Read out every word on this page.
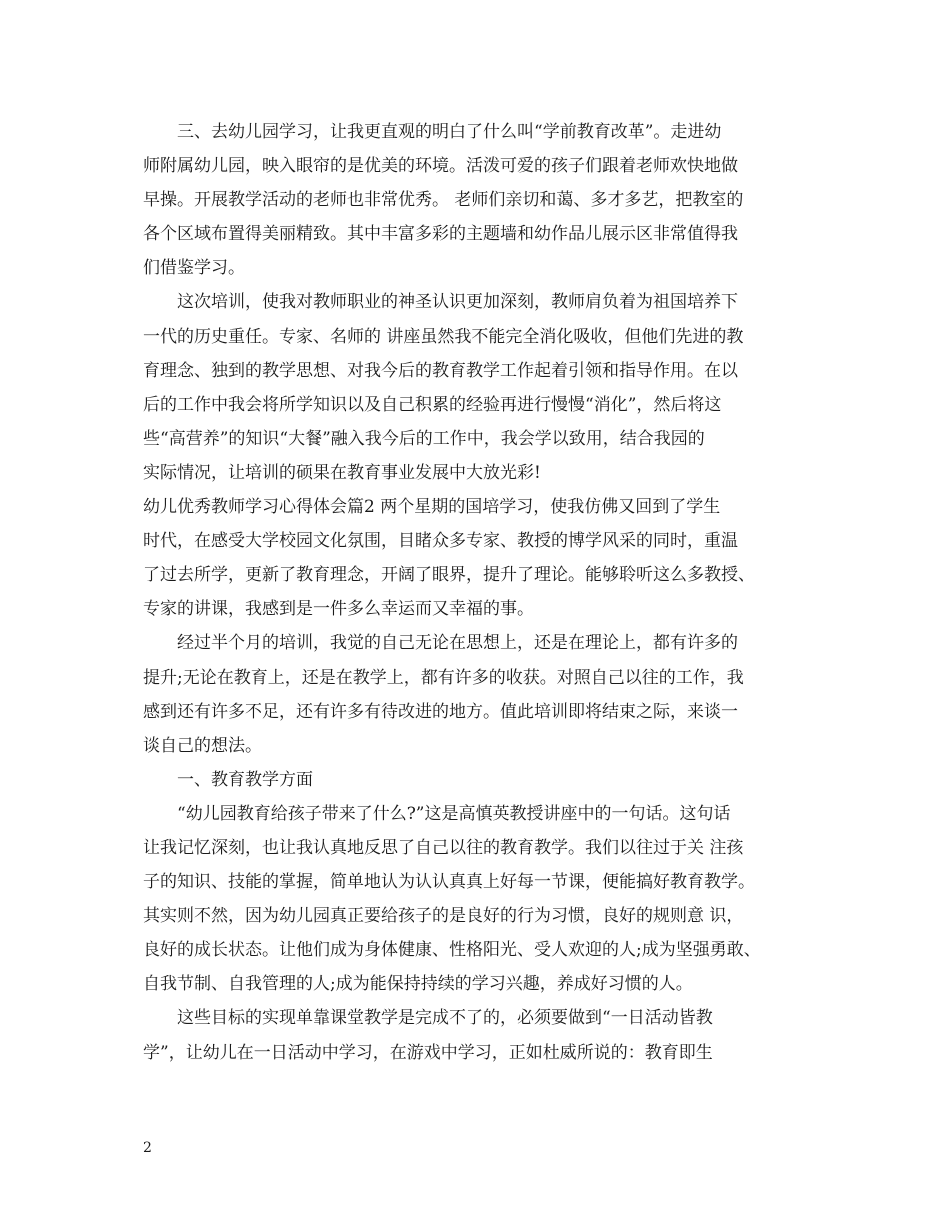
三、去幼儿园学习，让我更直观的明白了什么叫“学前教育改革”。走进幼
师附属幼儿园，映入眼帘的是优美的环境。活泼可爱的孩子们跟着老师欢快地做
早操。开展教学活动的老师也非常优秀。 老师们亲切和蔼、多才多艺，把教室的
各个区域布置得美丽精致。其中丰富多彩的主题墙和幼作品儿展示区非常值得我
们借鉴学习。
这次培训，使我对教师职业的神圣认识更加深刻，教师肩负着为祖国培养下
一代的历史重任。专家、名师的 讲座虽然我不能完全消化吸收，但他们先进的教
育理念、独到的教学思想、对我今后的教育教学工作起着引领和指导作用。在以
后的工作中我会将所学知识以及自己积累的经验再进行慢慢“消化”，然后将这
些“高营养”的知识“大餐”融入我今后的工作中，我会学以致用，结合我园的
实际情况，让培训的硕果在教育事业发展中大放光彩!
幼儿优秀教师学习心得体会篇2 两个星期的国培学习，使我仿佛又回到了学生
时代，在感受大学校园文化氛围，目睹众多专家、教授的博学风采的同时，重温
了过去所学，更新了教育理念，开阔了眼界，提升了理论。能够聆听这么多教授、
专家的讲课，我感到是一件多么幸运而又幸福的事。
经过半个月的培训，我觉的自己无论在思想上，还是在理论上，都有许多的
提升;无论在教育上，还是在教学上，都有许多的收获。对照自己以往的工作，我
感到还有许多不足，还有许多有待改进的地方。值此培训即将结束之际，来谈一
谈自己的想法。
一、教育教学方面
“幼儿园教育给孩子带来了什么?”这是高慎英教授讲座中的一句话。这句话
让我记忆深刻，也让我认真地反思了自己以往的教育教学。我们以往过于关 注孩
子的知识、技能的掌握，简单地认为认认真真上好每一节课，便能搞好教育教学。
其实则不然，因为幼儿园真正要给孩子的是良好的行为习惯，良好的规则意 识，
良好的成长状态。让他们成为身体健康、性格阳光、受人欢迎的人;成为坚强勇敢、
自我节制、自我管理的人;成为能保持持续的学习兴趣，养成好习惯的人。
这些目标的实现单靠课堂教学是完成不了的，必须要做到“一日活动皆教
学”，让幼儿在一日活动中学习，在游戏中学习，正如杜威所说的：教育即生
2
